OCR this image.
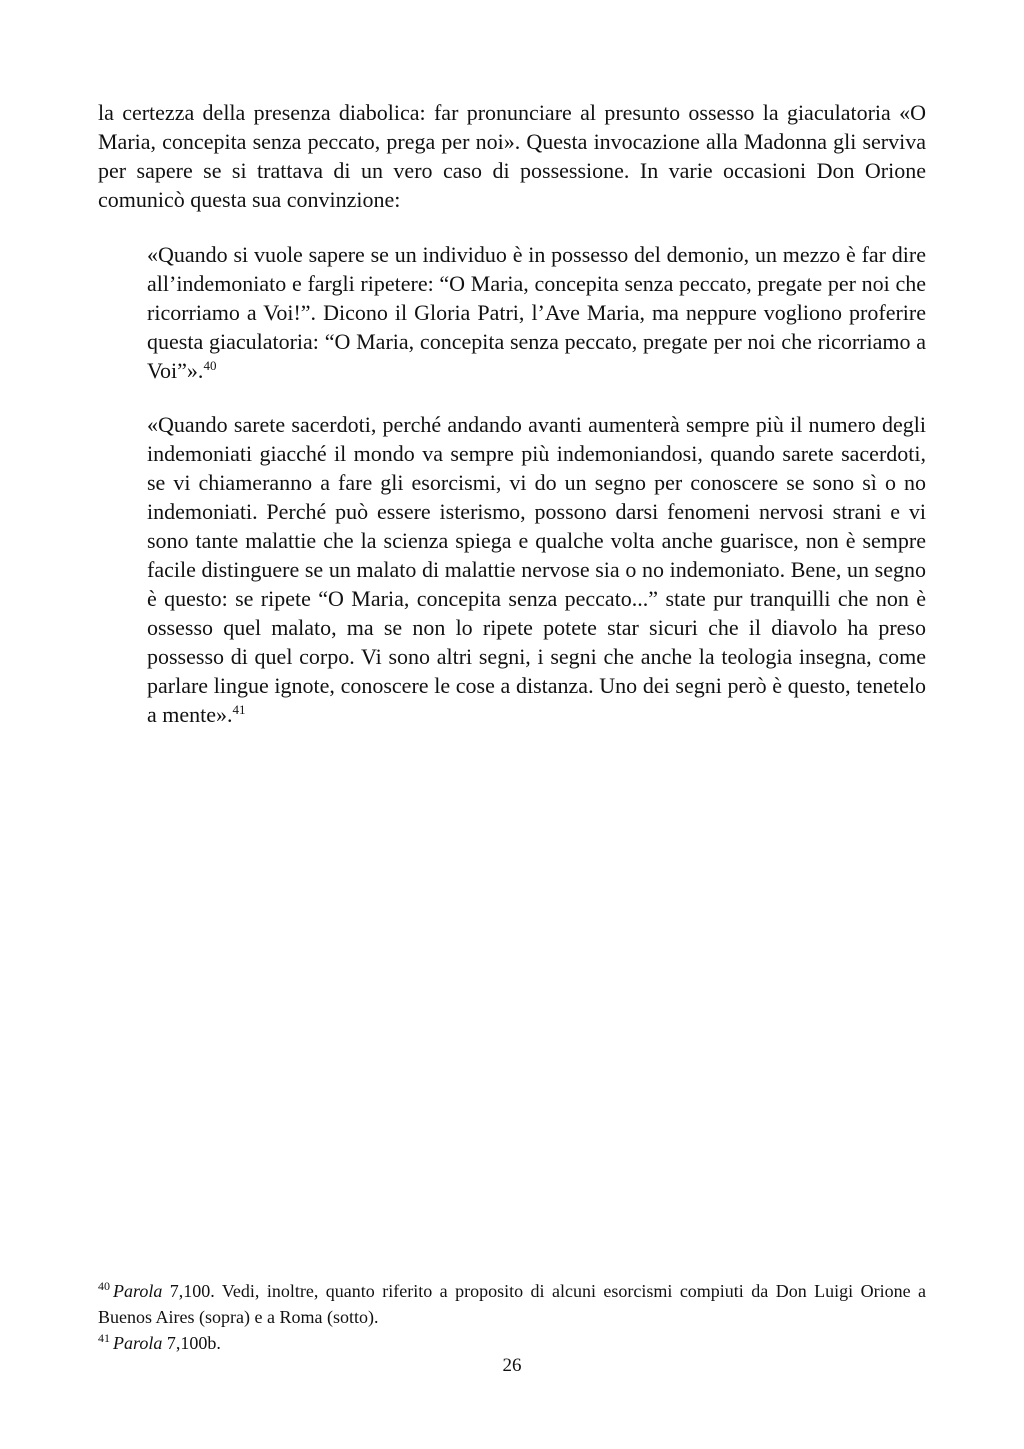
la certezza della presenza diabolica: far pronunciare al presunto ossesso la giaculatoria «O Maria, concepita senza peccato, prega per noi». Questa invocazione alla Madonna gli serviva per sapere se si trattava di un vero caso di possessione. In varie occasioni Don Orione comunicò questa sua convinzione:

«Quando si vuole sapere se un individuo è in possesso del demonio, un mezzo è far dire all’indemoniato e fargli ripetere: “O Maria, concepita senza peccato, pregate per noi che ricorriamo a Voi!”. Dicono il Gloria Patri, l’Ave Maria, ma neppure vogliono proferire questa giaculatoria: “O Maria, concepita senza peccato, pregate per noi che ricorriamo a Voi”».$^{40}$

«Quando sarete sacerdoti, perché andando avanti aumenterà sempre più il numero degli indemoniati giacché il mondo va sempre più indemoniandosi, quando sarete sacerdoti, se vi chiameranno a fare gli esorcismi, vi do un segno per conoscere se sono sì o no indemoniati. Perché può essere isterismo, possono darsi fenomeni nervosi strani e vi sono tante malattie che la scienza spiega e qualche volta anche guarisce, non è sempre facile distinguere se un malato di malattie nervose sia o no indemoniato. Bene, un segno è questo: se ripete “O Maria, concepita senza peccato...” state pur tranquilli che non è ossesso quel malato, ma se non lo ripete potete star sicuri che il diavolo ha preso possesso di quel corpo. Vi sono altri segni, i segni che anche la teologia insegna, come parlare lingue ignote, conoscere le cose a distanza. Uno dei segni però è questo, tenetelo a mente».$^{41}$

$^{40}$ Parola 7,100. Vedi, inoltre, quanto riferito a proposito di alcuni esorcismi compiuti da Don Luigi Orione a Buenos Aires (sopra) e a Roma (sotto).

$^{41}$ Parola 7,100b.

26
